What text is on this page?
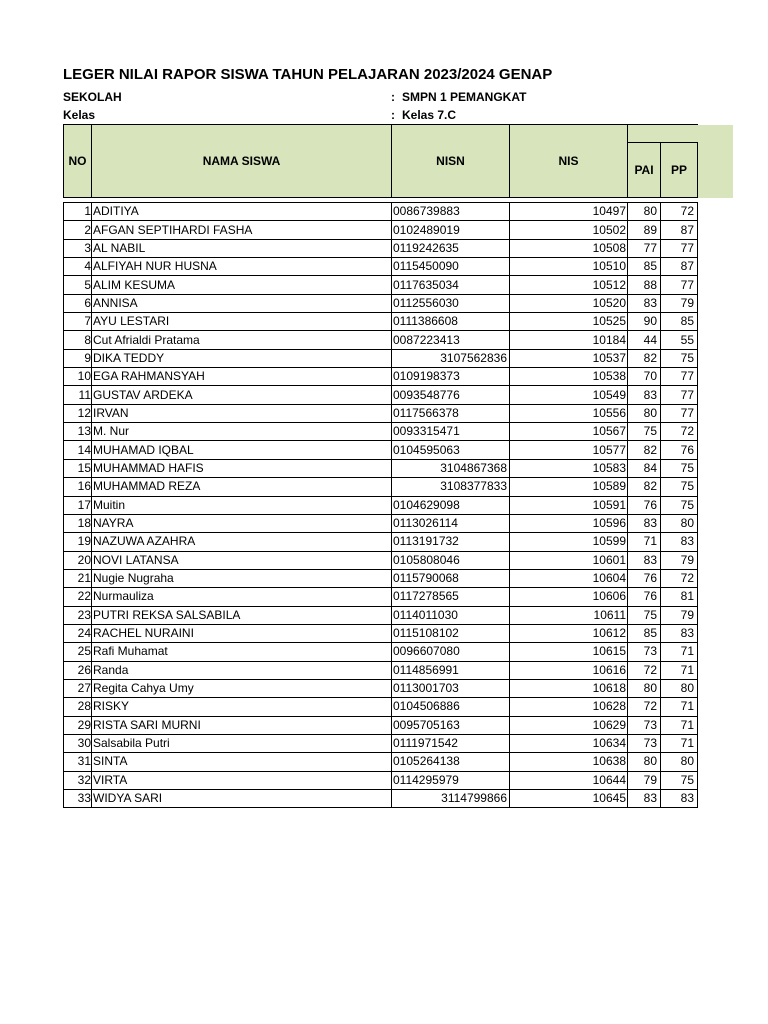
LEGER NILAI RAPOR SISWA TAHUN PELAJARAN 2023/2024 GENAP
SEKOLAH	: SMPN 1 PEMANGKAT
Kelas	: Kelas 7.C
NO	NAMA SISWA	NISN	NIS		
				PAI	PP

1	ADITIYA	0086739883	10497	80	72
2	AFGAN SEPTIHARDI FASHA	0102489019	10502	89	87
3	AL NABIL	0119242635	10508	77	77
4	ALFIYAH NUR HUSNA	0115450090	10510	85	87
5	ALIM KESUMA	0117635034	10512	88	77
6	ANNISA	0112556030	10520	83	79
7	AYU LESTARI	0111386608	10525	90	85
8	Cut Afrialdi Pratama	0087223413	10184	44	55
9	DIKA TEDDY	3107562836	10537	82	75
10	EGA RAHMANSYAH	0109198373	10538	70	77
11	GUSTAV ARDEKA	0093548776	10549	83	77
12	IRVAN	0117566378	10556	80	77
13	M. Nur	0093315471	10567	75	72
14	MUHAMAD IQBAL	0104595063	10577	82	76
15	MUHAMMAD HAFIS	3104867368	10583	84	75
16	MUHAMMAD REZA	3108377833	10589	82	75
17	Muitin	0104629098	10591	76	75
18	NAYRA	0113026114	10596	83	80
19	NAZUWA AZAHRA	0113191732	10599	71	83
20	NOVI LATANSA	0105808046	10601	83	79
21	Nugie Nugraha	0115790068	10604	76	72
22	Nurmauliza	0117278565	10606	76	81
23	PUTRI REKSA SALSABILA	0114011030	10611	75	79
24	RACHEL NURAINI	0115108102	10612	85	83
25	Rafi Muhamat	0096607080	10615	73	71
26	Randa	0114856991	10616	72	71
27	Regita Cahya Umy	0113001703	10618	80	80
28	RISKY	0104506886	10628	72	71
29	RISTA SARI MURNI	0095705163	10629	73	71
30	Salsabila Putri	0111971542	10634	73	71
31	SINTA	0105264138	10638	80	80
32	VIRTA	0114295979	10644	79	75
33	WIDYA SARI	3114799866	10645	83	83
